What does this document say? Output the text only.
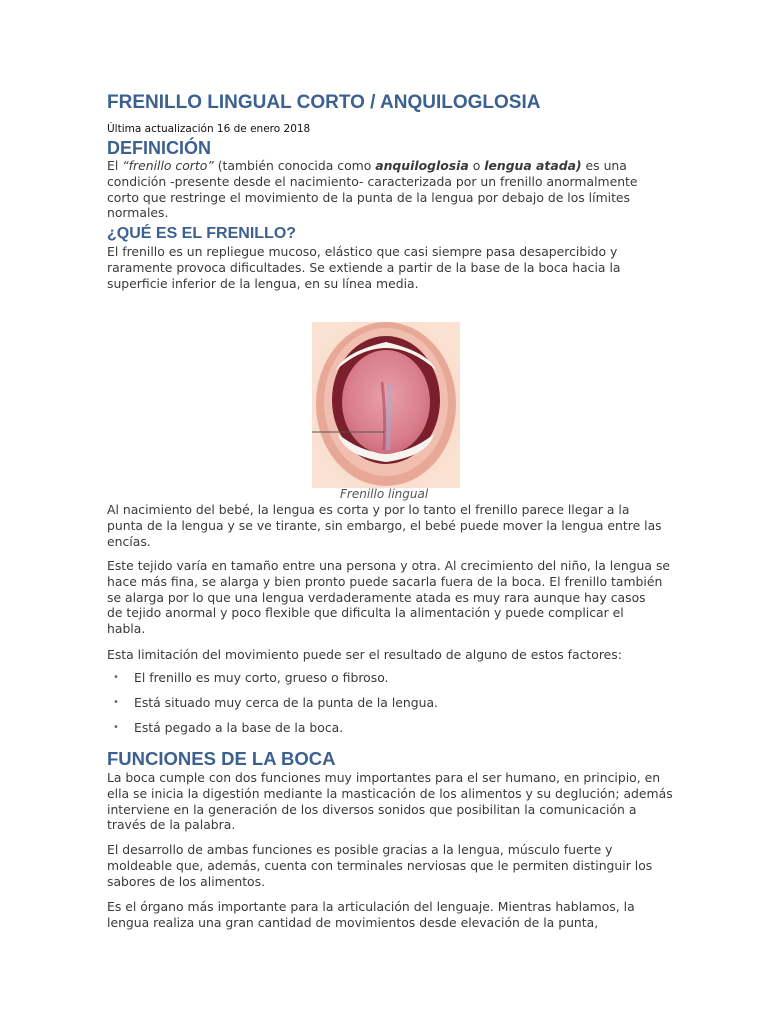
FRENILLO LINGUAL CORTO / ANQUILOGLOSIA
Última actualización 16 de enero 2018
DEFINICIÓN
El “frenillo corto” (también conocida como anquiloglosia o lengua atada) es una
condición -presente desde el nacimiento- caracterizada por un frenillo anormalmente
corto que restringe el movimiento de la punta de la lengua por debajo de los límites
normales.
¿QUÉ ES EL FRENILLO?
El frenillo es un repliegue mucoso, elástico que casi siempre pasa desapercibido y
raramente provoca dificultades. Se extiende a partir de la base de la boca hacia la
superficie inferior de la lengua, en su línea media.
Frenillo lingual
Al nacimiento del bebé, la lengua es corta y por lo tanto el frenillo parece llegar a la
punta de la lengua y se ve tirante, sin embargo, el bebé puede mover la lengua entre las
encías.
Este tejido varía en tamaño entre una persona y otra. Al crecimiento del niño, la lengua se
hace más fina, se alarga y bien pronto puede sacarla fuera de la boca. El frenillo también
se alarga por lo que una lengua verdaderamente atada es muy rara aunque hay casos
de tejido anormal y poco flexible que dificulta la alimentación y puede complicar el
habla.
Esta limitación del movimiento puede ser el resultado de alguno de estos factores:
• El frenillo es muy corto, grueso o fibroso.
• Está situado muy cerca de la punta de la lengua.
• Está pegado a la base de la boca.
FUNCIONES DE LA BOCA
La boca cumple con dos funciones muy importantes para el ser humano, en principio, en
ella se inicia la digestión mediante la masticación de los alimentos y su deglución; además
interviene en la generación de los diversos sonidos que posibilitan la comunicación a
través de la palabra.
El desarrollo de ambas funciones es posible gracias a la lengua, músculo fuerte y
moldeable que, además, cuenta con terminales nerviosas que le permiten distinguir los
sabores de los alimentos.
Es el órgano más importante para la articulación del lenguaje. Mientras hablamos, la
lengua realiza una gran cantidad de movimientos desde elevación de la punta,
